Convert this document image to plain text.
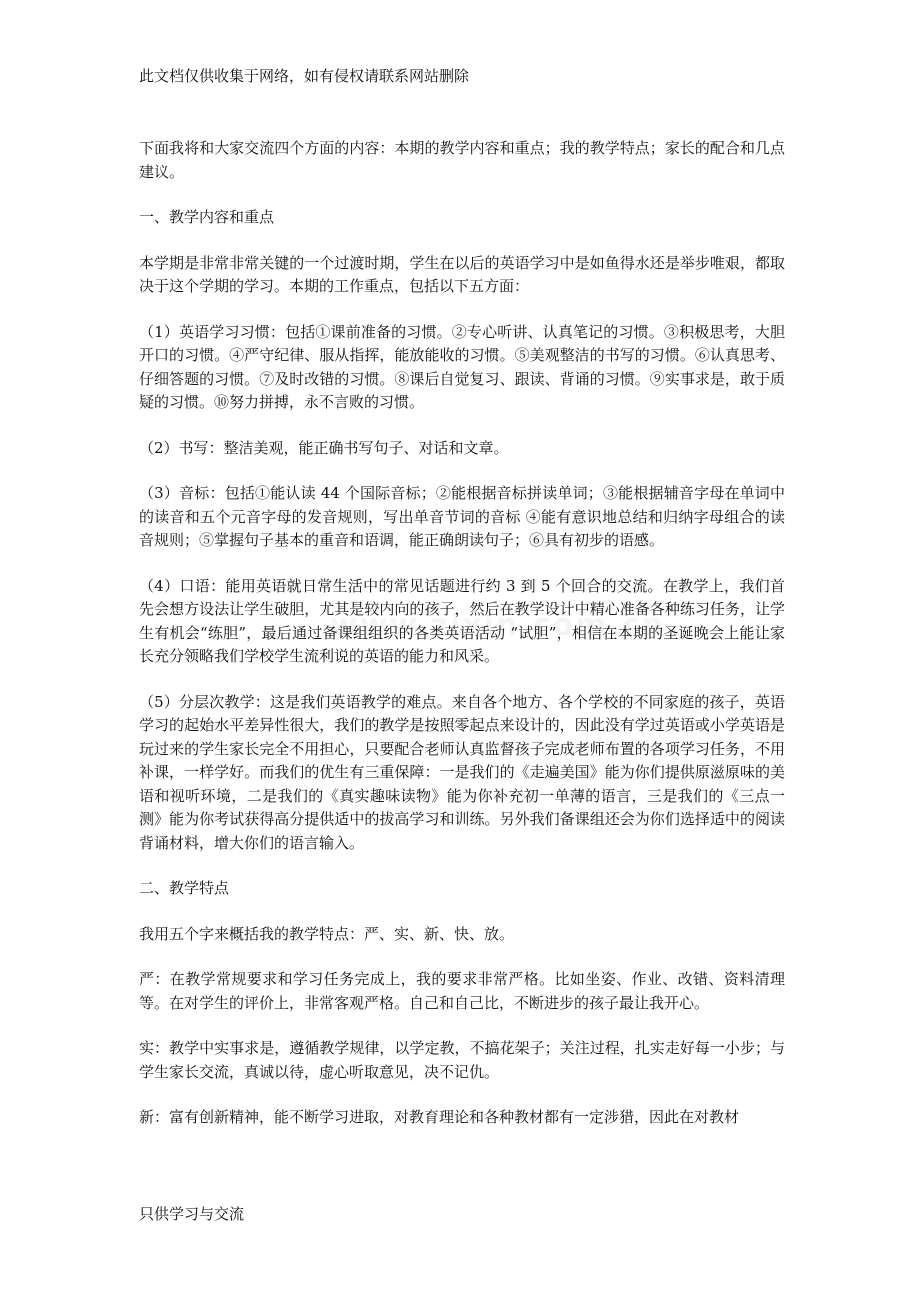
此文档仅供收集于网络，如有侵权请联系网站删除

下面我将和大家交流四个方面的内容：本期的教学内容和重点；我的教学特点；家长的配合和几点建议。

一、教学内容和重点

本学期是非常非常关键的一个过渡时期，学生在以后的英语学习中是如鱼得水还是举步唯艰，都取决于这个学期的学习。本期的工作重点，包括以下五方面：

（1）英语学习习惯：包括①课前准备的习惯。②专心听讲、认真笔记的习惯。③积极思考，大胆开口的习惯。④严守纪律、服从指挥，能放能收的习惯。⑤美观整洁的书写的习惯。⑥认真思考、仔细答题的习惯。⑦及时改错的习惯。⑧课后自觉复习、跟读、背诵的习惯。⑨实事求是，敢于质疑的习惯。⑩努力拼搏，永不言败的习惯。

（2）书写：整洁美观，能正确书写句子、对话和文章。

（3）音标：包括①能认读 44 个国际音标；②能根据音标拼读单词；③能根据辅音字母在单词中的读音和五个元音字母的发音规则，写出单音节词的音标 ④能有意识地总结和归纳字母组合的读音规则；⑤掌握句子基本的重音和语调，能正确朗读句子；⑥具有初步的语感。

（4）口语：能用英语就日常生活中的常见话题进行约 3 到 5 个回合的交流。在教学上，我们首先会想方设法让学生破胆，尤其是较内向的孩子，然后在教学设计中精心准备各种练习任务，让学生有机会“练胆”，最后通过备课组组织的各类英语活动 “试胆”，相信在本期的圣诞晚会上能让家长充分领略我们学校学生流利说的英语的能力和风采。

（5）分层次教学：这是我们英语教学的难点。来自各个地方、各个学校的不同家庭的孩子，英语学习的起始水平差异性很大，我们的教学是按照零起点来设计的，因此没有学过英语或小学英语是玩过来的学生家长完全不用担心，只要配合老师认真监督孩子完成老师布置的各项学习任务，不用补课，一样学好。而我们的优生有三重保障：一是我们的《走遍美国》能为你们提供原滋原味的美语和视听环境，二是我们的《真实趣味读物》能为你补充初一单薄的语言，三是我们的《三点一测》能为你考试获得高分提供适中的拔高学习和训练。另外我们备课组还会为你们选择适中的阅读背诵材料，增大你们的语言输入。

二、教学特点

我用五个字来概括我的教学特点：严、实、新、快、放。

严：在教学常规要求和学习任务完成上，我的要求非常严格。比如坐姿、作业、改错、资料清理等。在对学生的评价上，非常客观严格。自己和自己比，不断进步的孩子最让我开心。

实：教学中实事求是，遵循教学规律，以学定教，不搞花架子；关注过程，扎实走好每一小步；与学生家长交流，真诚以待，虚心听取意见，决不记仇。

新：富有创新精神，能不断学习进取，对教育理论和各种教材都有一定涉猎，因此在对教材

只供学习与交流
